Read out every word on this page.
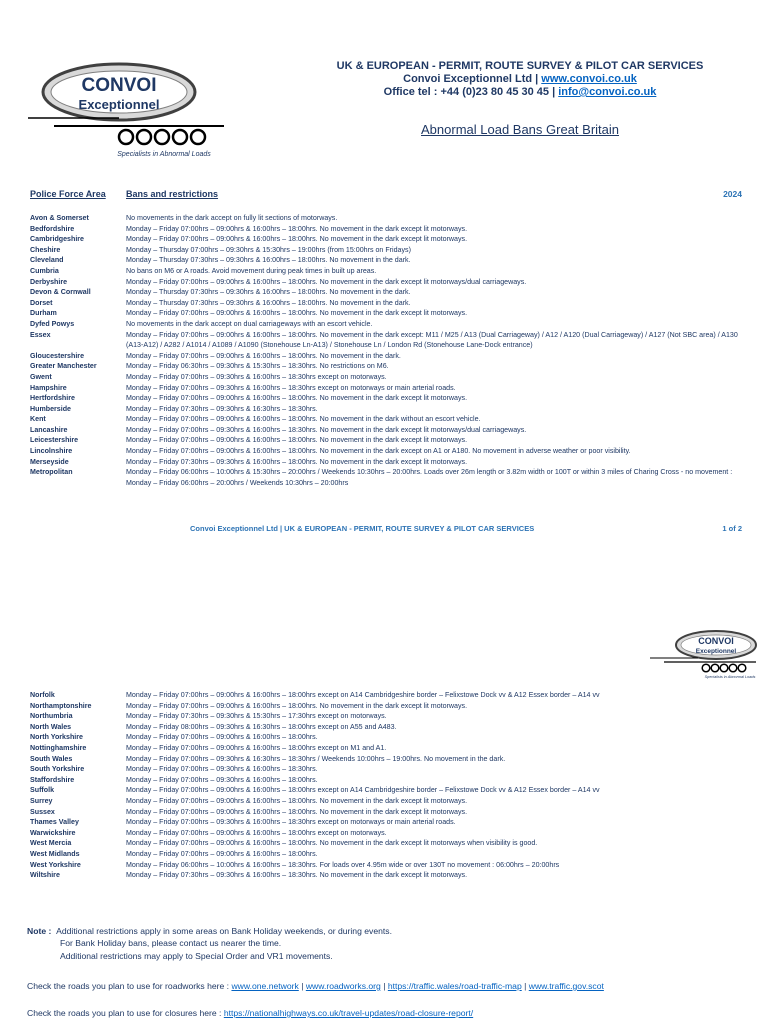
CONVOI
Exceptionnel
Specialists in Abnormal Loads
UK & EUROPEAN - PERMIT, ROUTE SURVEY & PILOT CAR SERVICES
Convoi Exceptionnel Ltd | www.convoi.co.uk
Office tel : +44 (0)23 80 45 30 45 | info@convoi.co.uk
Abnormal Load Bans Great Britain
Police Force Area Bans and restrictions	2024
Avon & Somerset	No movements in the dark accept on fully lit sections of motorways.
Bedfordshire	Monday – Friday 07:00hrs – 09:00hrs & 16:00hrs – 18:00hrs. No movement in the dark except lit motorways.
Cambridgeshire	Monday – Friday 07:00hrs – 09:00hrs & 16:00hrs – 18:00hrs. No movement in the dark except lit motorways.
Cheshire	Monday – Thursday 07:00hrs – 09:30hrs & 15:30hrs – 19:00hrs (from 15:00hrs on Fridays)
Cleveland	Monday – Thursday 07:30hrs – 09:30hrs & 16:00hrs – 18:00hrs. No movement in the dark.
Cumbria	No bans on M6 or A roads. Avoid movement during peak times in built up areas.
Derbyshire	Monday – Friday 07:00hrs – 09:00hrs & 16:00hrs – 18:00hrs. No movement in the dark except lit motorways/dual carriageways.
Devon & Cornwall	Monday – Thursday 07:30hrs – 09:30hrs & 16:00hrs – 18:00hrs. No movement in the dark.
Dorset	Monday – Thursday 07:30hrs – 09:30hrs & 16:00hrs – 18:00hrs. No movement in the dark.
Durham	Monday – Friday 07:00hrs – 09:00hrs & 16:00hrs – 18:00hrs. No movement in the dark except lit motorways.
Dyfed Powys	No movements in the dark accept on dual carriageways with an escort vehicle.
Essex	Monday – Friday 07:00hrs – 09:00hrs & 16:00hrs – 18:00hrs. No movement in the dark except: M11 / M25 / A13 (Dual Carriageway) / A12 / A120 (Dual Carriageway) / A127 (Not SBC area) / A130 (A13-A12) / A282 / A1014 / A1089 / A1090 (Stonehouse Ln-A13) / Stonehouse Ln / London Rd (Stonehouse Lane-Dock entrance)
Gloucestershire	Monday – Friday 07:00hrs – 09:00hrs & 16:00hrs – 18:00hrs. No movement in the dark.
Greater Manchester	Monday – Friday 06:30hrs – 09:30hrs & 15:30hrs – 18:30hrs. No restrictions on M6.
Gwent	Monday – Friday 07:00hrs – 09:30hrs & 16:00hrs – 18:30hrs except on motorways.
Hampshire	Monday – Friday 07:00hrs – 09:30hrs & 16:00hrs – 18:30hrs except on motorways or main arterial roads.
Hertfordshire	Monday – Friday 07:00hrs – 09:00hrs & 16:00hrs – 18:00hrs. No movement in the dark except lit motorways.
Humberside	Monday – Friday 07:30hrs – 09:30hrs & 16:30hrs – 18:30hrs.
Kent	Monday – Friday 07:00hrs – 09:00hrs & 16:00hrs – 18:00hrs. No movement in the dark without an escort vehicle.
Lancashire	Monday – Friday 07:00hrs – 09:30hrs & 16:00hrs – 18:30hrs. No movement in the dark except lit motorways/dual carriageways.
Leicestershire	Monday – Friday 07:00hrs – 09:00hrs & 16:00hrs – 18:00hrs. No movement in the dark except lit motorways.
Lincolnshire	Monday – Friday 07:00hrs – 09:00hrs & 16:00hrs – 18:00hrs. No movement in the dark except on A1 or A180. No movement in adverse weather or poor visibility.
Merseyside	Monday – Friday 07:30hrs – 09:30hrs & 16:00hrs – 18:00hrs. No movement in the dark except lit motorways.
Metropolitan	Monday – Friday 06:00hrs – 10:00hrs & 15:30hrs – 20:00hrs / Weekends 10:30hrs – 20:00hrs. Loads over 26m length or 3.82m width or 100T or within 3 miles of Charing Cross - no movement : Monday – Friday 06:00hrs – 20:00hrs / Weekends 10:30hrs – 20:00hrs
Convoi Exceptionnel Ltd | UK & EUROPEAN - PERMIT, ROUTE SURVEY & PILOT CAR SERVICES	1 of 2
CONVOI
Exceptionnel
Specialists in Abnormal Loads
Norfolk	Monday – Friday 07:00hrs – 09:00hrs & 16:00hrs – 18:00hrs except on A14 Cambridgeshire border – Felixstowe Dock vv & A12 Essex border – A14 vv
Northamptonshire	Monday – Friday 07:00hrs – 09:00hrs & 16:00hrs – 18:00hrs. No movement in the dark except lit motorways.
Northumbria	Monday – Friday 07:30hrs – 09:30hrs & 15:30hrs – 17:30hrs except on motorways.
North Wales	Monday – Friday 08:00hrs – 09:30hrs & 16:30hrs – 18:00hrs except on A55 and A483.
North Yorkshire	Monday – Friday 07:00hrs – 09:00hrs & 16:00hrs – 18:00hrs.
Nottinghamshire	Monday – Friday 07:00hrs – 09:00hrs & 16:00hrs – 18:00hrs except on M1 and A1.
South Wales	Monday – Friday 07:00hrs – 09:30hrs & 16:30hrs – 18:30hrs / Weekends 10:00hrs – 19:00hrs. No movement in the dark.
South Yorkshire	Monday – Friday 07:00hrs – 09:30hrs & 16:00hrs – 18:30hrs.
Staffordshire	Monday – Friday 07:00hrs – 09:30hrs & 16:00hrs – 18:00hrs.
Suffolk	Monday – Friday 07:00hrs – 09:00hrs & 16:00hrs – 18:00hrs except on A14 Cambridgeshire border – Felixstowe Dock vv & A12 Essex border – A14 vv
Surrey	Monday – Friday 07:00hrs – 09:00hrs & 16:00hrs – 18:00hrs. No movement in the dark except lit motorways.
Sussex	Monday – Friday 07:00hrs – 09:00hrs & 16:00hrs – 18:00hrs. No movement in the dark except lit motorways.
Thames Valley	Monday – Friday 07:00hrs – 09:30hrs & 16:00hrs – 18:30hrs except on motorways or main arterial roads.
Warwickshire	Monday – Friday 07:00hrs – 09:00hrs & 16:00hrs – 18:00hrs except on motorways.
West Mercia	Monday – Friday 07:00hrs – 09:00hrs & 16:00hrs – 18:00hrs. No movement in the dark except lit motorways when visibility is good.
West Midlands	Monday – Friday 07:00hrs – 09:00hrs & 16:00hrs – 18:00hrs.
West Yorkshire	Monday – Friday 06:00hrs – 10:00hrs & 16:00hrs – 18:30hrs. For loads over 4.95m wide or over 130T no movement : 06:00hrs – 20:00hrs
Wiltshire	Monday – Friday 07:30hrs – 09:30hrs & 16:00hrs – 18:30hrs. No movement in the dark except lit motorways.
Note : Additional restrictions apply in some areas on Bank Holiday weekends, or during events.
For Bank Holiday bans, please contact us nearer the time.
Additional restrictions may apply to Special Order and VR1 movements.
Check the roads you plan to use for roadworks here : www.one.network | www.roadworks.org | https://traffic.wales/road-traffic-map | www.traffic.gov.scot
Check the roads you plan to use for closures here : https://nationalhighways.co.uk/travel-updates/road-closure-report/
